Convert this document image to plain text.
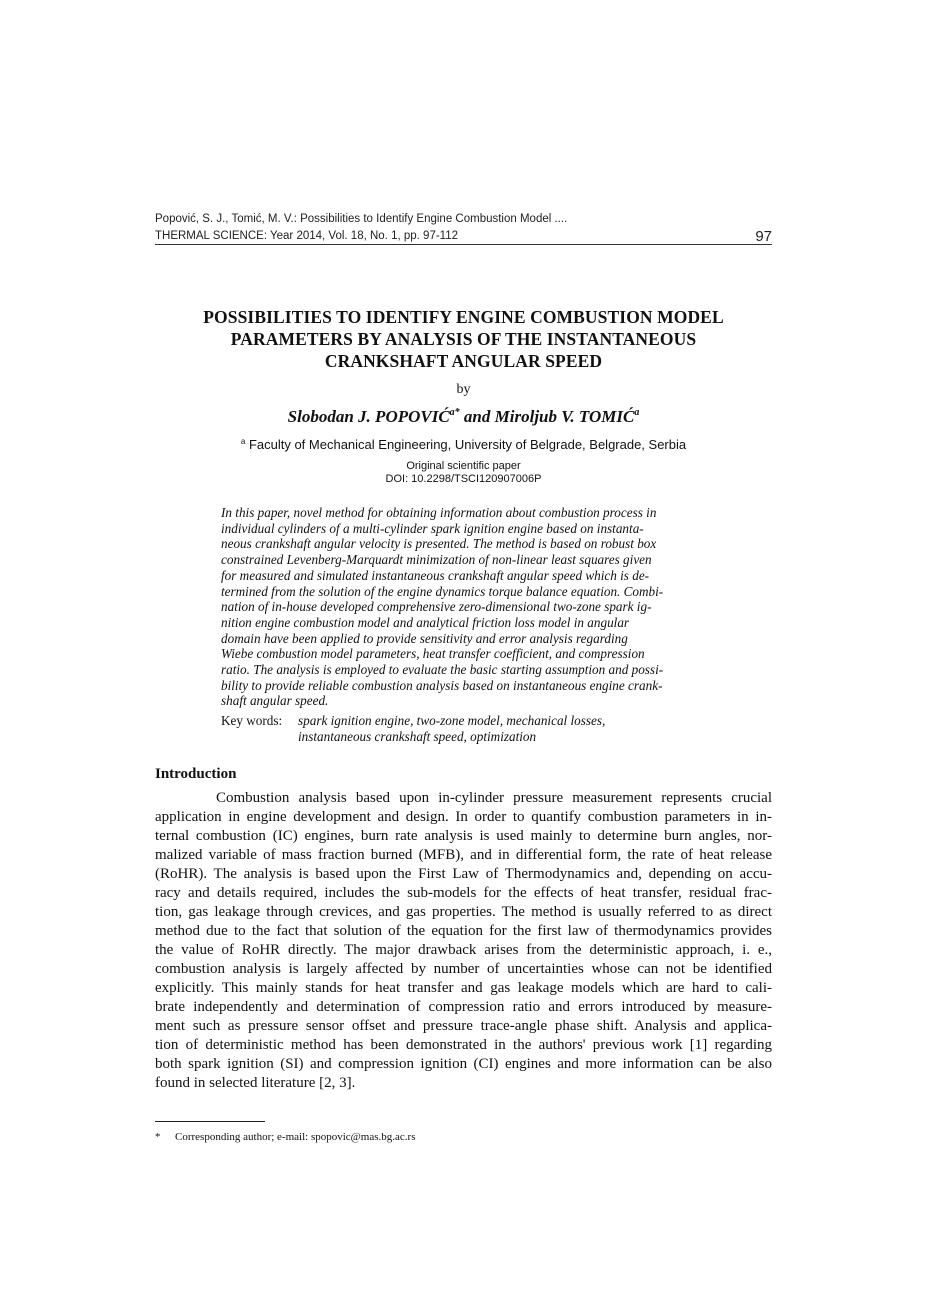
Popović, S. J., Tomić, M. V.: Possibilities to Identify Engine Combustion Model ....
THERMAL SCIENCE: Year 2014, Vol. 18, No. 1, pp. 97-112	97
POSSIBILITIES TO IDENTIFY ENGINE COMBUSTION MODEL
PARAMETERS BY ANALYSIS OF THE INSTANTANEOUS
CRANKSHAFT ANGULAR SPEED
by
Slobodan J. $POPOVIĆ^{a*}$ and Miroljub V. TOMIĆ$^a$
$^a$ Faculty of Mechanical Engineering, University of Belgrade, Belgrade, Serbia
Original scientific paper
DOI: 10.2298/TSCI120907006P
In this paper, novel method for obtaining information about combustion process in
individual cylinders of a multi-cylinder spark ignition engine based on instanta-
neous crankshaft angular velocity is presented. The method is based on robust box
constrained Levenberg-Marquardt minimization of non-linear least squares given
for measured and simulated instantaneous crankshaft angular speed which is de-
termined from the solution of the engine dynamics torque balance equation. Combi-
nation of in-house developed comprehensive zero-dimensional two-zone spark ig-
nition engine combustion model and analytical friction loss model in angular
domain have been applied to provide sensitivity and error analysis regarding
Wiebe combustion model parameters, heat transfer coefficient, and compression
ratio. The analysis is employed to evaluate the basic starting assumption and possi-
bility to provide reliable combustion analysis based on instantaneous engine crank-
shaft angular speed.
Key words: spark ignition engine, two-zone model, mechanical losses,
instantaneous crankshaft speed, optimization
Introduction
Combustion analysis based upon in-cylinder pressure measurement represents crucial
application in engine development and design. In order to quantify combustion parameters in in-
ternal combustion (IC) engines, burn rate analysis is used mainly to determine burn angles, nor-
malized variable of mass fraction burned (MFB), and in differential form, the rate of heat release
(RoHR). The analysis is based upon the First Law of Thermodynamics and, depending on accu-
racy and details required, includes the sub-models for the effects of heat transfer, residual frac-
tion, gas leakage through crevices, and gas properties. The method is usually referred to as direct
method due to the fact that solution of the equation for the first law of thermodynamics provides
the value of RoHR directly. The major drawback arises from the deterministic approach, i. e.,
combustion analysis is largely affected by number of uncertainties whose can not be identified
explicitly. This mainly stands for heat transfer and gas leakage models which are hard to cali-
brate independently and determination of compression ratio and errors introduced by measure-
ment such as pressure sensor offset and pressure trace-angle phase shift. Analysis and applica-
tion of deterministic method has been demonstrated in the authors' previous work [1] regarding
both spark ignition (SI) and compression ignition (CI) engines and more information can be also
found in selected literature [2, 3].
* Corresponding author; e-mail: spopovic@mas.bg.ac.rs
